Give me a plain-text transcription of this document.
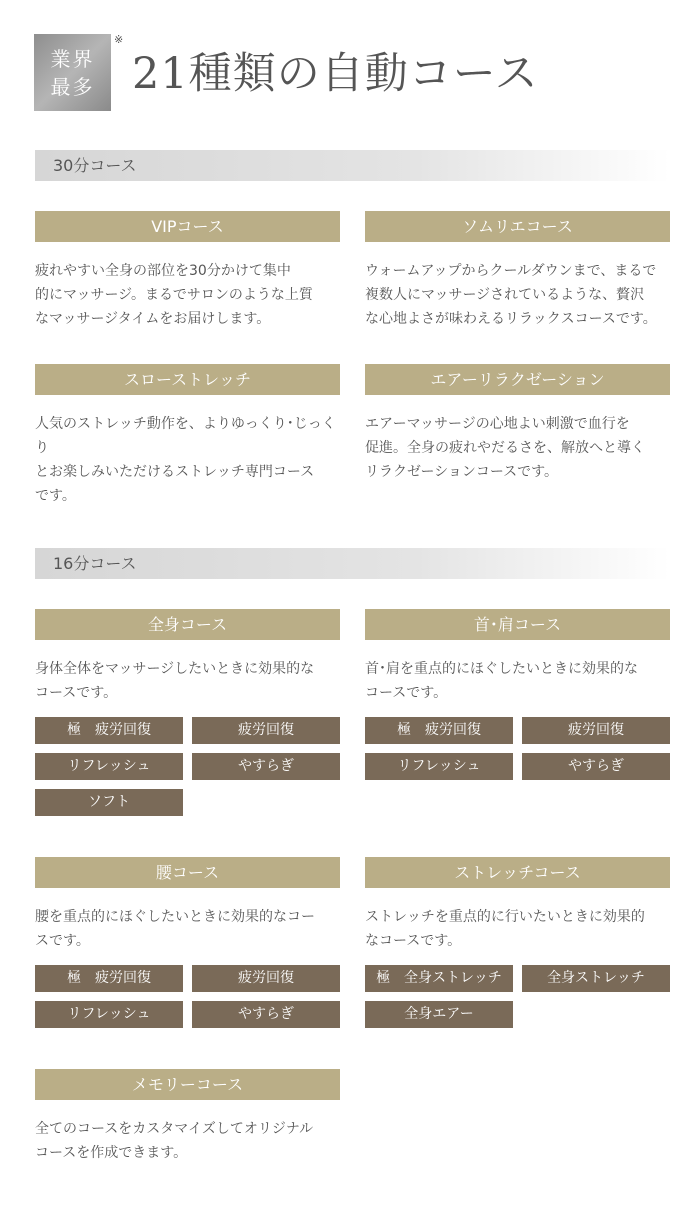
業界
最多
※
21種類の自動コース
30分コース
VIPコース
疲れやすい全身の部位を30分かけて集中
的にマッサージ。まるでサロンのような上質
なマッサージタイムをお届けします。
ソムリエコース
ウォームアップからクールダウンまで、まるで
複数人にマッサージされているような、贅沢
な心地よさが味わえるリラックスコースです。
スローストレッチ
人気のストレッチ動作を、よりゆっくり･じっくり
とお楽しみいただけるストレッチ専門コース
です。
エアーリラクゼーション
エアーマッサージの心地よい刺激で血行を
促進。全身の疲れやだるさを、解放へと導く
リラクゼーションコースです。
16分コース
全身コース
身体全体をマッサージしたいときに効果的な
コースです。
極　疲労回復	疲労回復
リフレッシュ	やすらぎ
ソフト
首･肩コース
首･肩を重点的にほぐしたいときに効果的な
コースです。
極　疲労回復	疲労回復
リフレッシュ	やすらぎ
腰コース
腰を重点的にほぐしたいときに効果的なコー
スです。
極　疲労回復	疲労回復
リフレッシュ	やすらぎ
ストレッチコース
ストレッチを重点的に行いたいときに効果的
なコースです。
極　全身ストレッチ	全身ストレッチ
全身エアー
メモリーコース
全てのコースをカスタマイズしてオリジナル
コースを作成できます。
